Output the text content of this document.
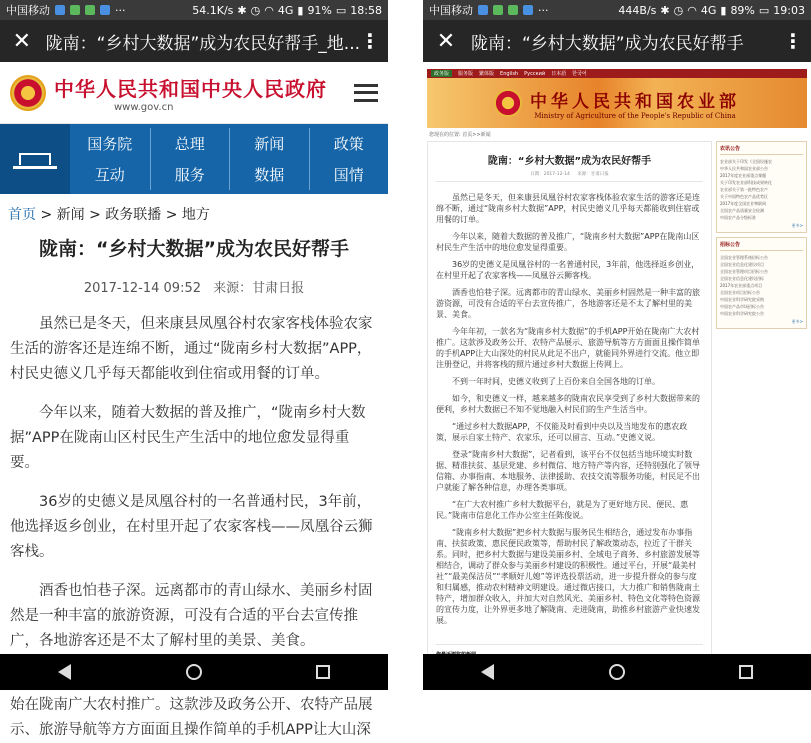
中国移动	···	54.1K/s ✱ ◷ ◠ 4G ▮ 91% ▭ 18:58
✕ 陇南：“乡村大数据”成为农民好帮手_地... ⋮
中华人民共和国中央人民政府
www.gov.cn
国务院	总理	新闻	政策
互动	服务	数据	国情
首页 > 新闻 > 政务联播 > 地方
陇南：“乡村大数据”成为农民好帮手
2017-12-14 09:52 来源：甘肃日报

虽然已是冬天，但来康县凤凰谷村农家客栈体验农家生活的游客还是连绵不断，通过“陇南乡村大数据”APP，村民史德义几乎每天都能收到住宿或用餐的订单。

今年以来，随着大数据的普及推广，“陇南乡村大数据”APP在陇南山区村民生产生活中的地位愈发显得重要。

36岁的史德义是凤凰谷村的一名普通村民，3年前，他选择返乡创业，在村里开起了农家客栈——凤凰谷云狮客栈。

酒香也怕巷子深。远离都市的青山绿水、美丽乡村固然是一种丰富的旅游资源，可没有合适的平台去宣传推广，各地游客还是不太了解村里的美景、美食。

始在陇南广大农村推广。这款涉及政务公开、农特产品展示、旅游导航等方方面面且操作简单的手机APP让大山深

中国移动	···	444B/s ✱ ◷ ◠ 4G ▮ 89% ▭ 19:03
✕ 陇南：“乡村大数据”成为农民好帮手	⋮
政务版	服务版 繁体版 English Русский 日本語 한국어
中华人民共和国农业部
Ministry of Agriculture of the People's Republic of China
您现在的位置: 首页>>新闻
陇南：“乡村大数据”成为农民好帮手
日期：2017-12-14 来源：甘肃日报

虽然已是冬天，但来康县凤凰谷村农家客栈体验农家生活的游客还是连绵不断，通过“陇南乡村大数据”APP，村民史德义几乎每天都能收到住宿或用餐的订单。

今年以来，随着大数据的普及推广，“陇南乡村大数据”APP在陇南山区村民生产生活中的地位愈发显得重要。

36岁的史德义是凤凰谷村的一名普通村民，3年前，他选择返乡创业，在村里开起了农家客栈——凤凰谷云狮客栈。

酒香也怕巷子深。远离都市的青山绿水、美丽乡村固然是一种丰富的旅游资源，可没有合适的平台去宣传推广，各地游客还是不太了解村里的美景、美食。

今年年初，一款名为“陇南乡村大数据”的手机APP开始在陇南广大农村推广。这款涉及政务公开、农特产品展示、旅游导航等方方面面且操作简单的手机APP让大山深处的村民从此足不出户，就能同外界进行交流。他立即注册登记，并将客栈的照片通过乡村大数据上传网上。

不到一年时间，史德义收到了上百份来自全国各地的订单。

如今，和史德义一样，越来越多的陇南农民享受到了乡村大数据带来的便利，乡村大数据已不知不觉地融入村民们的生产生活当中。

“通过乡村大数据APP，不仅能及时看到中央以及当地发布的惠农政策，展示自家土特产、农家乐，还可以留言、互动。”史德义说。

登录“陇南乡村大数据”，记者看到，该平台不仅包括当地环境实时数据、精准扶贫、基层党建、乡村微信、地方特产等内容，还特别强化了领导信箱、办事指南、本地服务、法律援助、农技交流等服务功能，村民足不出户就能了解各种信息，办理各类事项。

“在广大农村推广乡村大数据平台，就是为了更好地方民、便民、惠民。”陇南市信息化工作办公室主任陈俊说。

“陇南乡村大数据”把乡村大数据与服务民生相结合，通过发布办事指南、扶贫政策、惠民便民政策等，帮助村民了解政策动态，拉近了干群关系。同时，把乡村大数据与建设美丽乡村、全域电子商务、乡村旅游发展等相结合，调动了群众参与美丽乡村建设的积极性。通过平台，开展“最美村社”“最美保洁员”“孝顺好儿媳”等评选投票活动，进一步提升群众的参与度和归属感，推动农村精神文明建设。通过微店接口，大力推广和销售陇南土特产，增加群众收入，并加大对自然风光、美丽乡村、特色文化等特色资源的宣传力度，让外界更多地了解陇南、走进陇南，助推乡村旅游产业快速发展。

农讯公告
农业部关于印发《全国设施农
中华人民共和国农业部公告
2017年度农业部重点课题
关于印发农业部科技成果转化
农业部关于第一批特色农产
关于中国特色农产品优势区
2017年度全国农业物联网
全国农产品质量安全检测
中国农产品分级标准
更多>
招标公告
全国农业管理系统招标公告
全国农业信息化建设项目
全国农业管理项目招标公告
全国农业信息化建设招标
2017年农业部重点项目
全国农业项目招标公告
中国农业科学研究院采购
中国农产品市场招标公告
中国农业科学研究院公告
更多>
